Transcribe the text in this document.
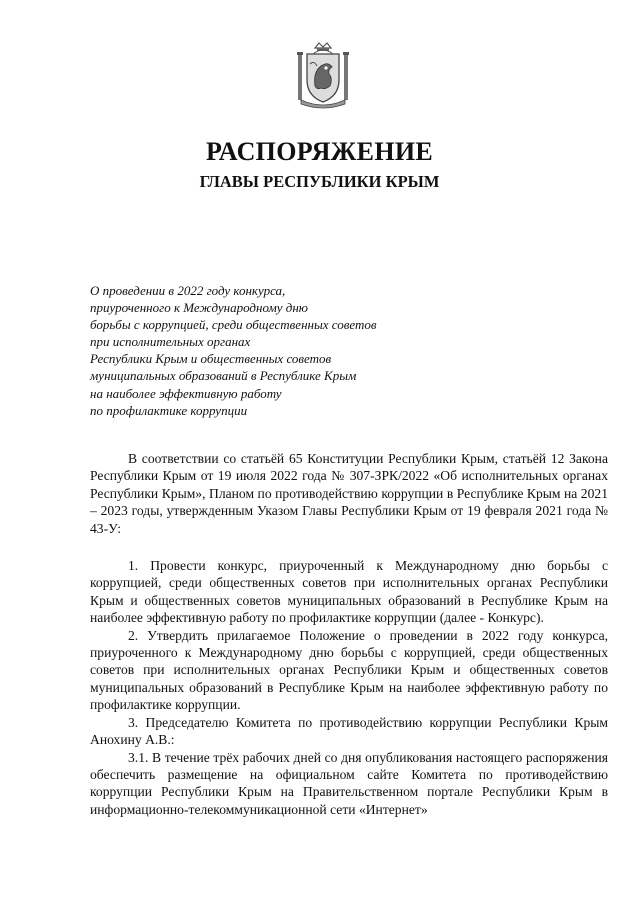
РАСПОРЯЖЕНИЕ
ГЛАВЫ РЕСПУБЛИКИ КРЫМ
О проведении в 2022 году конкурса,
приуроченного к Международному дню
борьбы с коррупцией, среди общественных советов
при исполнительных органах
Республики Крым и общественных советов
муниципальных образований в Республике Крым
на наиболее эффективную работу
по профилактике коррупции

В соответствии со статьёй 65 Конституции Республики Крым, статьёй 12 Закона Республики Крым от 19 июля 2022 года № 307-ЗРК/2022 «Об исполнительных органах Республики Крым», Планом по противодействию коррупции в Республике Крым на 2021 – 2023 годы, утвержденным Указом Главы Республики Крым от 19 февраля 2021 года № 43-У:

1. Провести конкурс, приуроченный к Международному дню борьбы с коррупцией, среди общественных советов при исполнительных органах Республики Крым и общественных советов муниципальных образований в Республике Крым на наиболее эффективную работу по профилактике коррупции (далее - Конкурс).

2. Утвердить прилагаемое Положение о проведении в 2022 году конкурса, приуроченного к Международному дню борьбы с коррупцией, среди общественных советов при исполнительных органах Республики Крым и общественных советов муниципальных образований в Республике Крым на наиболее эффективную работу по профилактике коррупции.

3. Председателю Комитета по противодействию коррупции Республики Крым Анохину А.В.:

3.1. В течение трёх рабочих дней со дня опубликования настоящего распоряжения обеспечить размещение на официальном сайте Комитета по противодействию коррупции Республики Крым на Правительственном портале Республики Крым в информационно-телекоммуникационной сети «Интернет»
